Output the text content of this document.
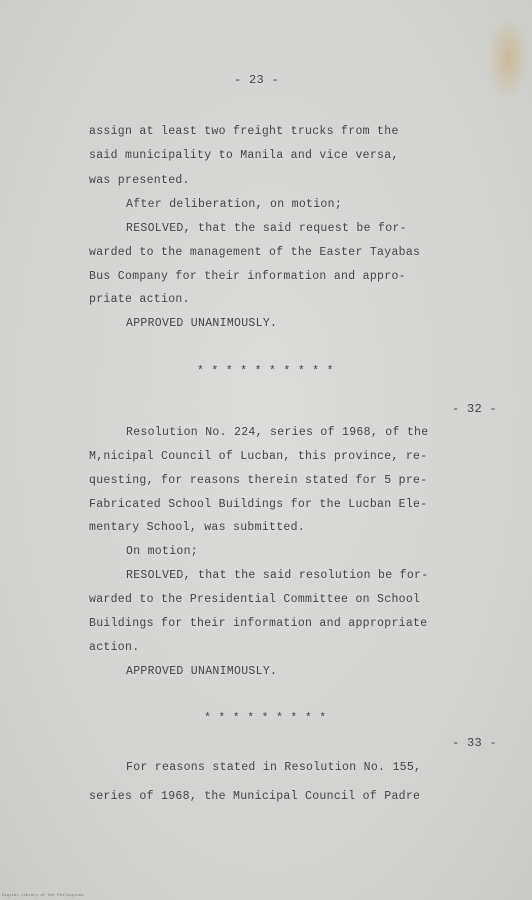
- 23 -
assign at least two freight trucks from the
said municipality to Manila and vice versa,
was presented.
After deliberation, on motion;
RESOLVED, that the said request be for-
warded to the management of the Easter Tayabas
Bus Company for their information and appro-
priate action.
APPROVED UNANIMOUSLY.
* * * * * * * * * *
- 32 -
Resolution No. 224, series of 1968, of the
M,nicipal Council of Lucban, this province, re-
questing, for reasons therein stated for 5 pre-
Fabricated School Buildings for the Lucban Ele-
mentary School, was submitted.
On motion;
RESOLVED, that the said resolution be for-
warded to the Presidential Committee on School
Buildings for their information and appropriate
action.
APPROVED UNANIMOUSLY.
* * * * * * * * *
- 33 -
For reasons stated in Resolution No. 155,
series of 1968, the Municipal Council of Padre
Digital Library of the Philippines
